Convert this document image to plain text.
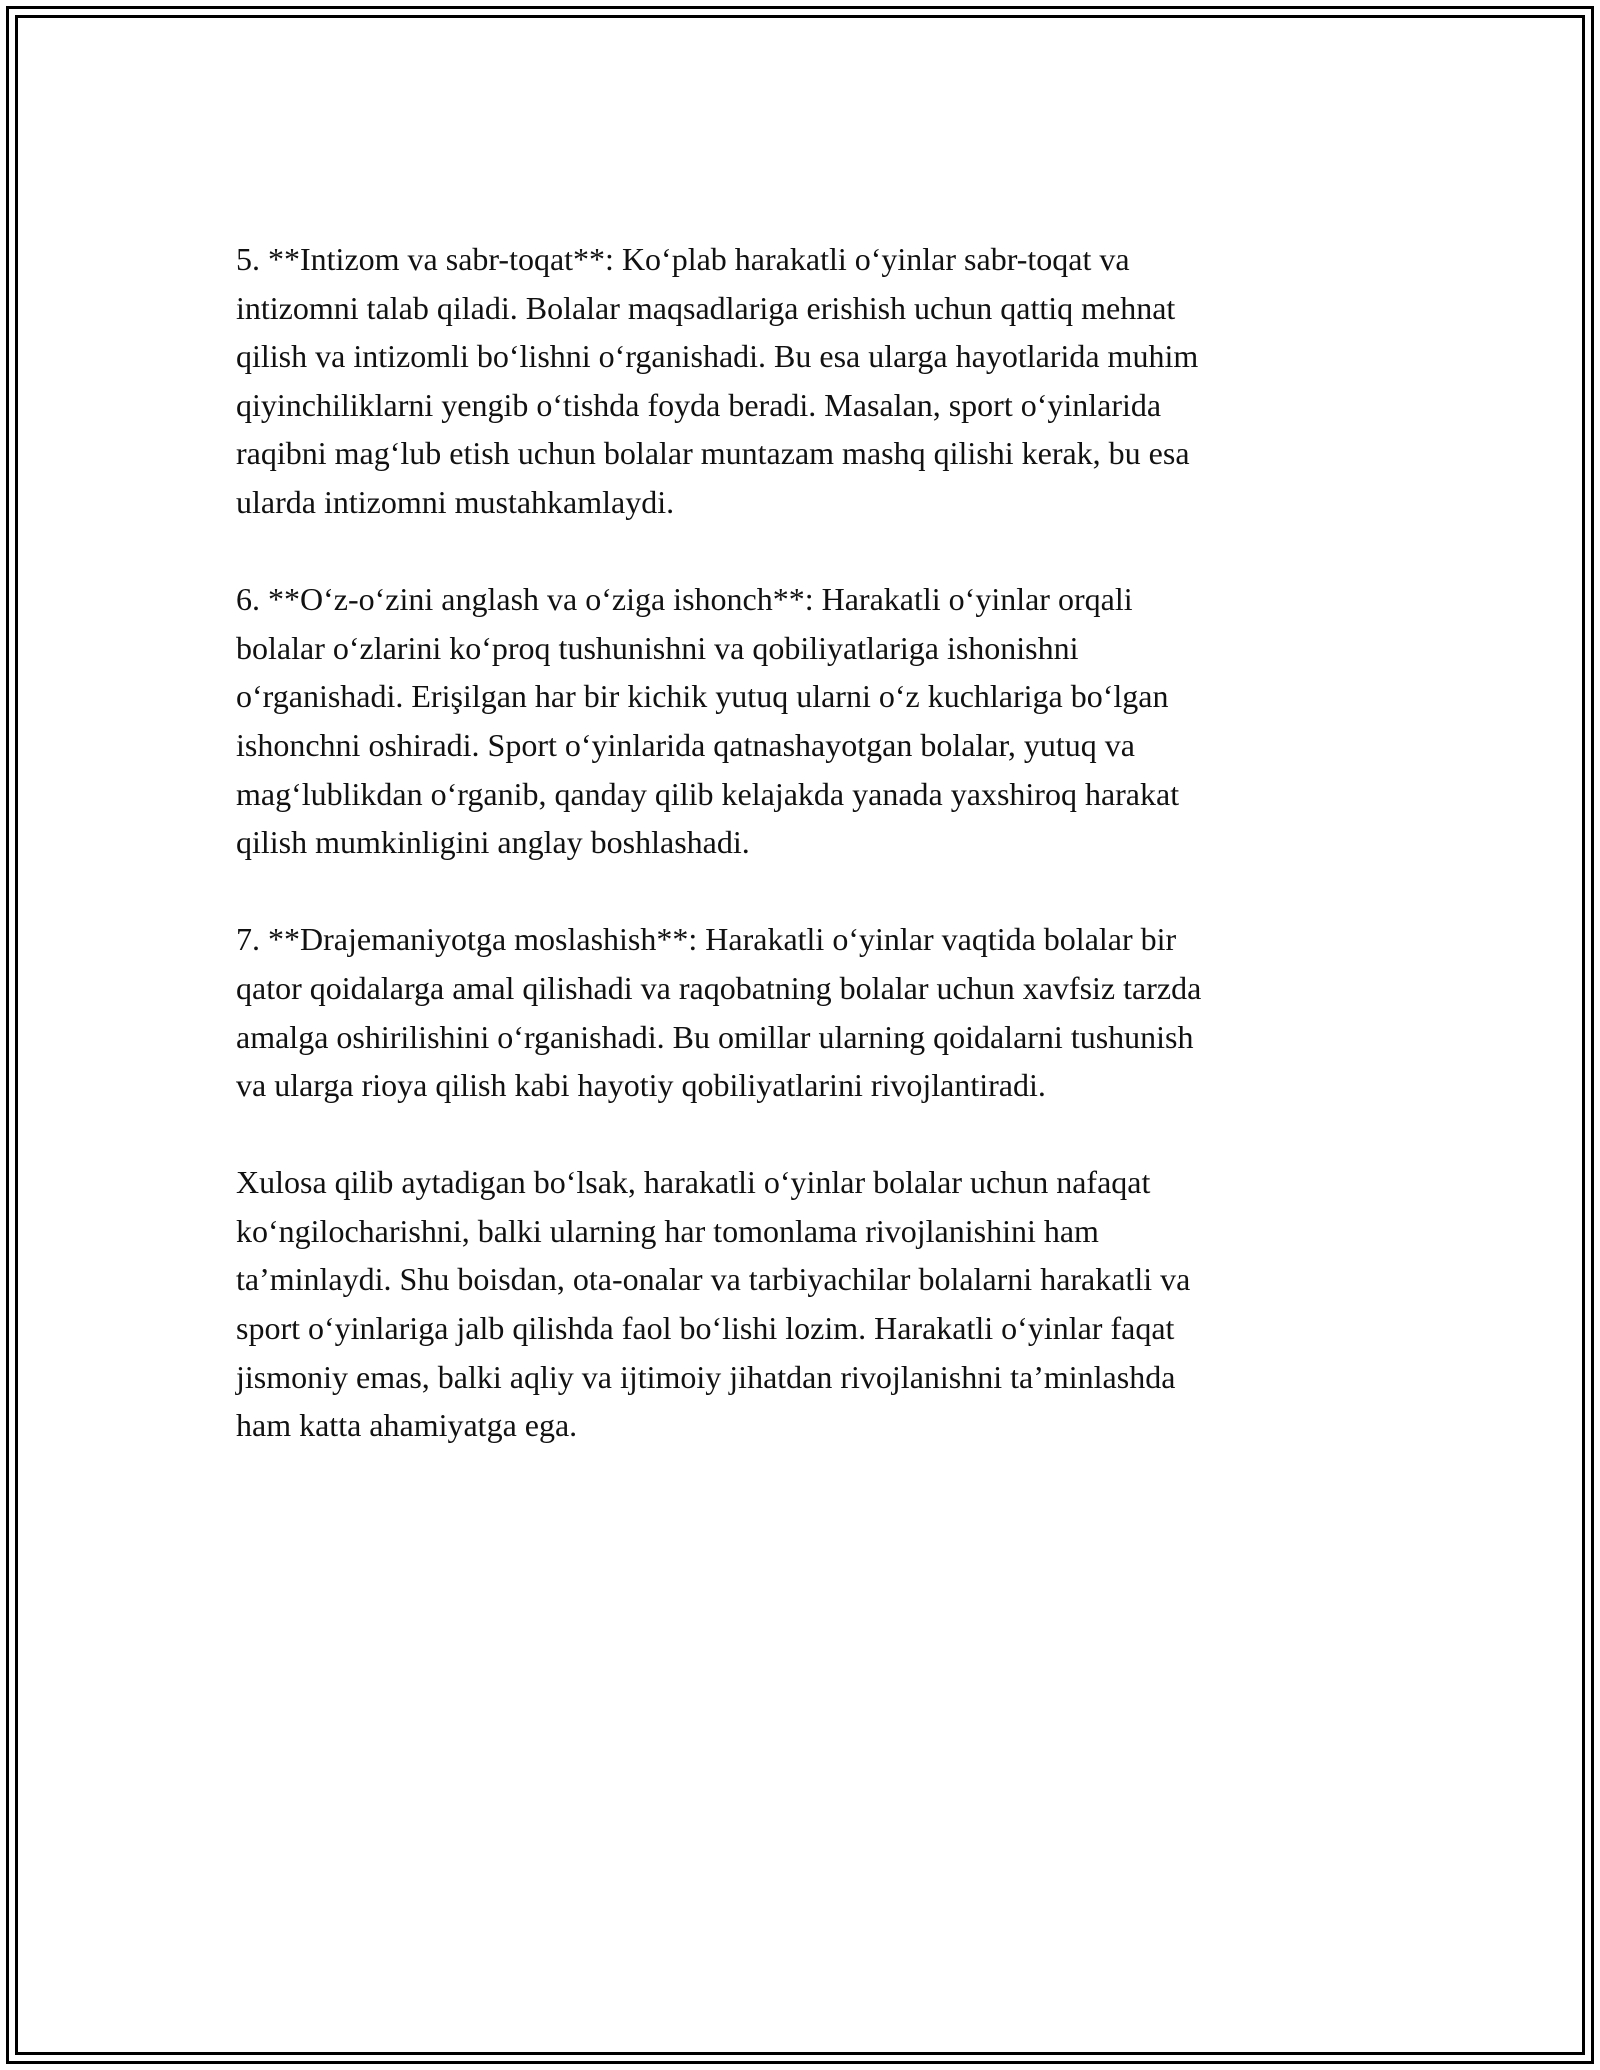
5. **Intizom va sabr-toqat**: Ko‘plab harakatli o‘yinlar sabr-toqat va
intizomni talab qiladi. Bolalar maqsadlariga erishish uchun qattiq mehnat
qilish va intizomli bo‘lishni o‘rganishadi. Bu esa ularga hayotlarida muhim
qiyinchiliklarni yengib o‘tishda foyda beradi. Masalan, sport o‘yinlarida
raqibni mag‘lub etish uchun bolalar muntazam mashq qilishi kerak, bu esa
ularda intizomni mustahkamlaydi.

6. **O‘z-o‘zini anglash va o‘ziga ishonch**: Harakatli o‘yinlar orqali
bolalar o‘zlarini ko‘proq tushunishni va qobiliyatlariga ishonishni
o‘rganishadi. Erişilgan har bir kichik yutuq ularni o‘z kuchlariga bo‘lgan
ishonchni oshiradi. Sport o‘yinlarida qatnashayotgan bolalar, yutuq va
mag‘lublikdan o‘rganib, qanday qilib kelajakda yanada yaxshiroq harakat
qilish mumkinligini anglay boshlashadi.

7. **Drajemaniyotga moslashish**: Harakatli o‘yinlar vaqtida bolalar bir
qator qoidalarga amal qilishadi va raqobatning bolalar uchun xavfsiz tarzda
amalga oshirilishini o‘rganishadi. Bu omillar ularning qoidalarni tushunish
va ularga rioya qilish kabi hayotiy qobiliyatlarini rivojlantiradi.

Xulosa qilib aytadigan bo‘lsak, harakatli o‘yinlar bolalar uchun nafaqat
ko‘ngilocharishni, balki ularning har tomonlama rivojlanishini ham
ta’minlaydi. Shu boisdan, ota-onalar va tarbiyachilar bolalarni harakatli va
sport o‘yinlariga jalb qilishda faol bo‘lishi lozim. Harakatli o‘yinlar faqat
jismoniy emas, balki aqliy va ijtimoiy jihatdan rivojlanishni ta’minlashda
ham katta ahamiyatga ega.
